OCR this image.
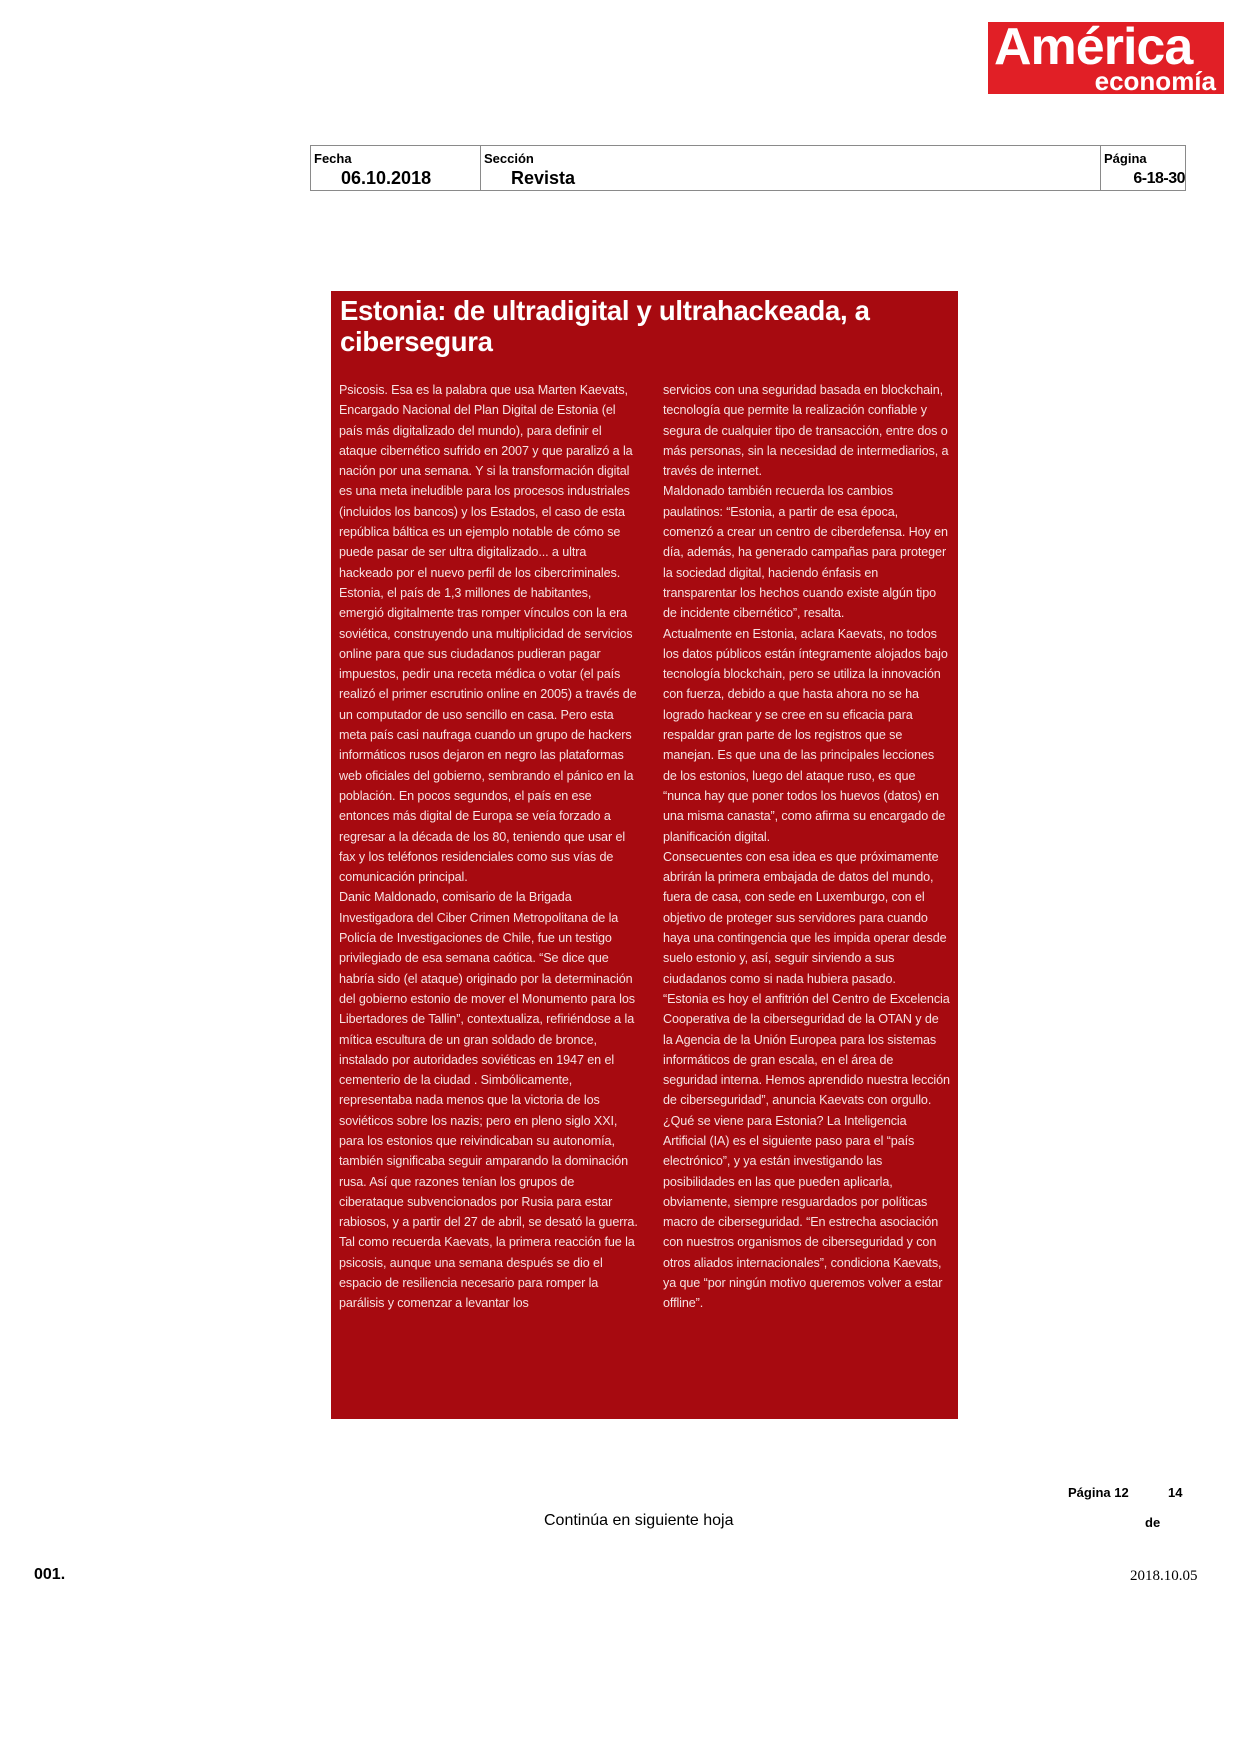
América
economía
Fecha
06.10.2018
Sección
Revista
Página
6-18-30
Estonia: de ultradigital y ultrahackeada, a cibersegura

Psicosis. Esa es la palabra que usa Marten Kaevats, Encargado Nacional del Plan Digital de Estonia (el país más digitalizado del mundo), para definir el ataque cibernético sufrido en 2007 y que paralizó a la nación por una semana. Y si la transformación digital es una meta ineludible para los procesos industriales (incluidos los bancos) y los Estados, el caso de esta república báltica es un ejemplo notable de cómo se puede pasar de ser ultra digitalizado... a ultra hackeado por el nuevo perfil de los cibercriminales.

Estonia, el país de 1,3 millones de habitantes, emergió digitalmente tras romper vínculos con la era soviética, construyendo una multiplicidad de servicios online para que sus ciudadanos pudieran pagar impuestos, pedir una receta médica o votar (el país realizó el primer escrutinio online en 2005) a través de un computador de uso sencillo en casa. Pero esta meta país casi naufraga cuando un grupo de hackers informáticos rusos dejaron en negro las plataformas web oficiales del gobierno, sembrando el pánico en la población. En pocos segundos, el país en ese entonces más digital de Europa se veía forzado a regresar a la década de los 80, teniendo que usar el fax y los teléfonos residenciales como sus vías de comunicación principal.

Danic Maldonado, comisario de la Brigada Investigadora del Ciber Crimen Metropolitana de la Policía de Investigaciones de Chile, fue un testigo privilegiado de esa semana caótica. “Se dice que habría sido (el ataque) originado por la determinación del gobierno estonio de mover el Monumento para los Libertadores de Tallin”, contextualiza, refiriéndose a la mítica escultura de un gran soldado de bronce, instalado por autoridades soviéticas en 1947 en el cementerio de la ciudad . Simbólicamente, representaba nada menos que la victoria de los soviéticos sobre los nazis; pero en pleno siglo XXI, para los estonios que reivindicaban su autonomía, también significaba seguir amparando la dominación rusa. Así que razones tenían los grupos de ciberataque subvencionados por Rusia para estar rabiosos, y a partir del 27 de abril, se desató la guerra.

Tal como recuerda Kaevats, la primera reacción fue la psicosis, aunque una semana después se dio el espacio de resiliencia necesario para romper la parálisis y comenzar a levantar los

servicios con una seguridad basada en blockchain, tecnología que permite la realización confiable y segura de cualquier tipo de transacción, entre dos o más personas, sin la necesidad de intermediarios, a través de internet.

Maldonado también recuerda los cambios paulatinos: “Estonia, a partir de esa época, comenzó a crear un centro de ciberdefensa. Hoy en día, además, ha generado campañas para proteger la sociedad digital, haciendo énfasis en transparentar los hechos cuando existe algún tipo de incidente cibernético”, resalta.

Actualmente en Estonia, aclara Kaevats, no todos los datos públicos están íntegramente alojados bajo tecnología blockchain, pero se utiliza la innovación con fuerza, debido a que hasta ahora no se ha logrado hackear y se cree en su eficacia para respaldar gran parte de los registros que se manejan. Es que una de las principales lecciones de los estonios, luego del ataque ruso, es que “nunca hay que poner todos los huevos (datos) en una misma canasta”, como afirma su encargado de planificación digital.

Consecuentes con esa idea es que próximamente abrirán la primera embajada de datos del mundo, fuera de casa, con sede en Luxemburgo, con el objetivo de proteger sus servidores para cuando haya una contingencia que les impida operar desde suelo estonio y, así, seguir sirviendo a sus ciudadanos como si nada hubiera pasado.

“Estonia es hoy el anfitrión del Centro de Excelencia Cooperativa de la ciberseguridad de la OTAN y de la Agencia de la Unión Europea para los sistemas informáticos de gran escala, en el área de seguridad interna. Hemos aprendido nuestra lección de ciberseguridad”, anuncia Kaevats con orgullo.

¿Qué se viene para Estonia? La Inteligencia Artificial (IA) es el siguiente paso para el “país electrónico”, y ya están investigando las posibilidades en las que pueden aplicarla, obviamente, siempre resguardados por políticas macro de ciberseguridad. “En estrecha asociación con nuestros organismos de ciberseguridad y con otros aliados internacionales”, condiciona Kaevats, ya que “por ningún motivo queremos volver a estar offline”.

Página 12	14
Continúa en siguiente hoja	de
001.	2018.10.05
